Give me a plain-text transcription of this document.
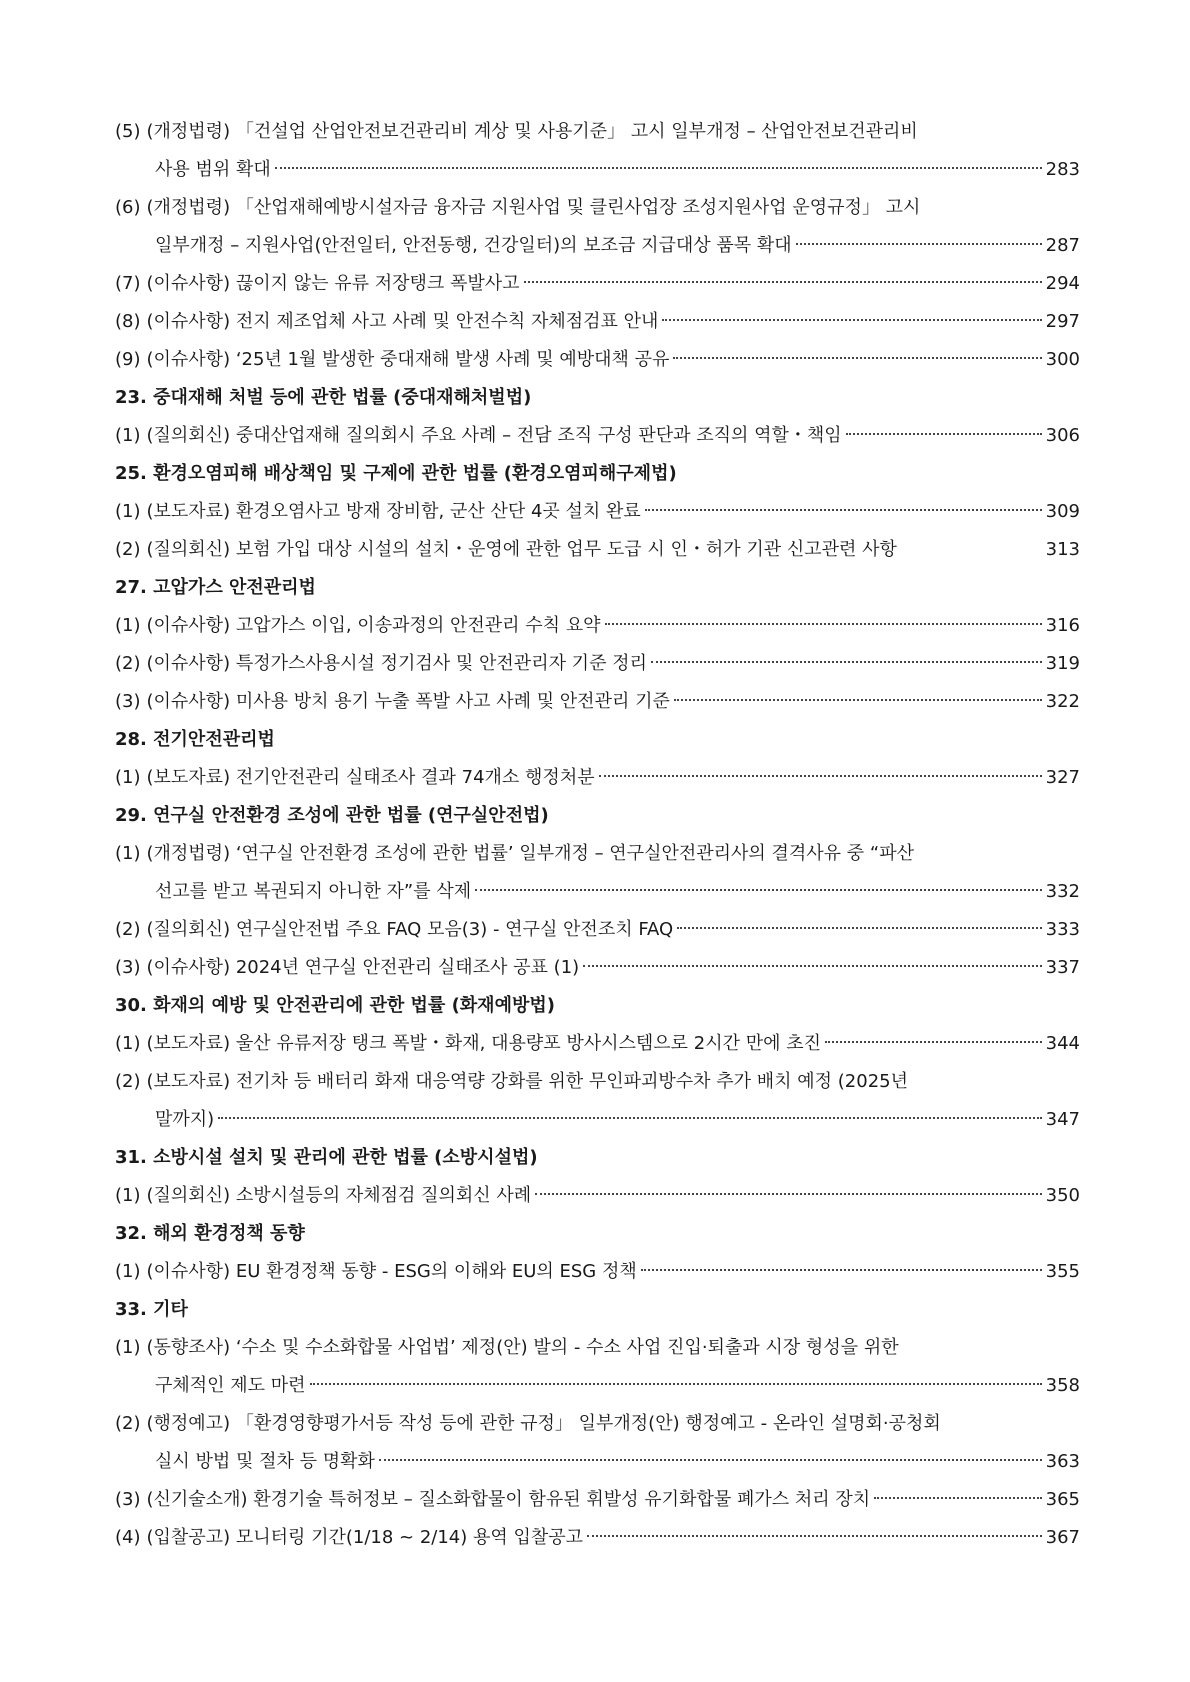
(5) (개정법령) 「건설업 산업안전보건관리비 계상 및 사용기준」 고시 일부개정 – 산업안전보건관리비
사용 범위 확대	283
(6) (개정법령) 「산업재해예방시설자금 융자금 지원사업 및 클린사업장 조성지원사업 운영규정」 고시
일부개정 – 지원사업(안전일터, 안전동행, 건강일터)의 보조금 지급대상 품목 확대	287
(7) (이슈사항) 끊이지 않는 유류 저장탱크 폭발사고	294
(8) (이슈사항) 전지 제조업체 사고 사례 및 안전수칙 자체점검표 안내	297
(9) (이슈사항) ‘25년 1월 발생한 중대재해 발생 사례 및 예방대책 공유	300
23. 중대재해 처벌 등에 관한 법률 (중대재해처벌법)
(1) (질의회신) 중대산업재해 질의회시 주요 사례 – 전담 조직 구성 판단과 조직의 역할・책임	306
25. 환경오염피해 배상책임 및 구제에 관한 법률 (환경오염피해구제법)
(1) (보도자료) 환경오염사고 방재 장비함, 군산 산단 4곳 설치 완료	309
(2) (질의회신) 보험 가입 대상 시설의 설치・운영에 관한 업무 도급 시 인・허가 기관 신고관련 사항	313
27. 고압가스 안전관리법
(1) (이슈사항) 고압가스 이입, 이송과정의 안전관리 수칙 요약	316
(2) (이슈사항) 특정가스사용시설 정기검사 및 안전관리자 기준 정리	319
(3) (이슈사항) 미사용 방치 용기 누출 폭발 사고 사례 및 안전관리 기준	322
28. 전기안전관리법
(1) (보도자료) 전기안전관리 실태조사 결과 74개소 행정처분	327
29. 연구실 안전환경 조성에 관한 법률 (연구실안전법)
(1) (개정법령) ‘연구실 안전환경 조성에 관한 법률’ 일부개정 – 연구실안전관리사의 결격사유 중 “파산
선고를 받고 복권되지 아니한 자”를 삭제	332
(2) (질의회신) 연구실안전법 주요 FAQ 모음(3) - 연구실 안전조치 FAQ	333
(3) (이슈사항) 2024년 연구실 안전관리 실태조사 공표 (1)	337
30. 화재의 예방 및 안전관리에 관한 법률 (화재예방법)
(1) (보도자료) 울산 유류저장 탱크 폭발・화재, 대용량포 방사시스템으로 2시간 만에 초진	344
(2) (보도자료) 전기차 등 배터리 화재 대응역량 강화를 위한 무인파괴방수차 추가 배치 예정 (2025년
말까지)	347
31. 소방시설 설치 및 관리에 관한 법률 (소방시설법)
(1) (질의회신) 소방시설등의 자체점검 질의회신 사례	350
32. 해외 환경정책 동향
(1) (이슈사항) EU 환경정책 동향 - ESG의 이해와 EU의 ESG 정책	355
33. 기타
(1) (동향조사) ‘수소 및 수소화합물 사업법’ 제정(안) 발의 - 수소 사업 진입·퇴출과 시장 형성을 위한
구체적인 제도 마련	358
(2) (행정예고) 「환경영향평가서등 작성 등에 관한 규정」 일부개정(안) 행정예고 - 온라인 설명회·공청회
실시 방법 및 절차 등 명확화	363
(3) (신기술소개) 환경기술 특허정보 – 질소화합물이 함유된 휘발성 유기화합물 폐가스 처리 장치	365
(4) (입찰공고) 모니터링 기간(1/18 ~ 2/14) 용역 입찰공고	367
